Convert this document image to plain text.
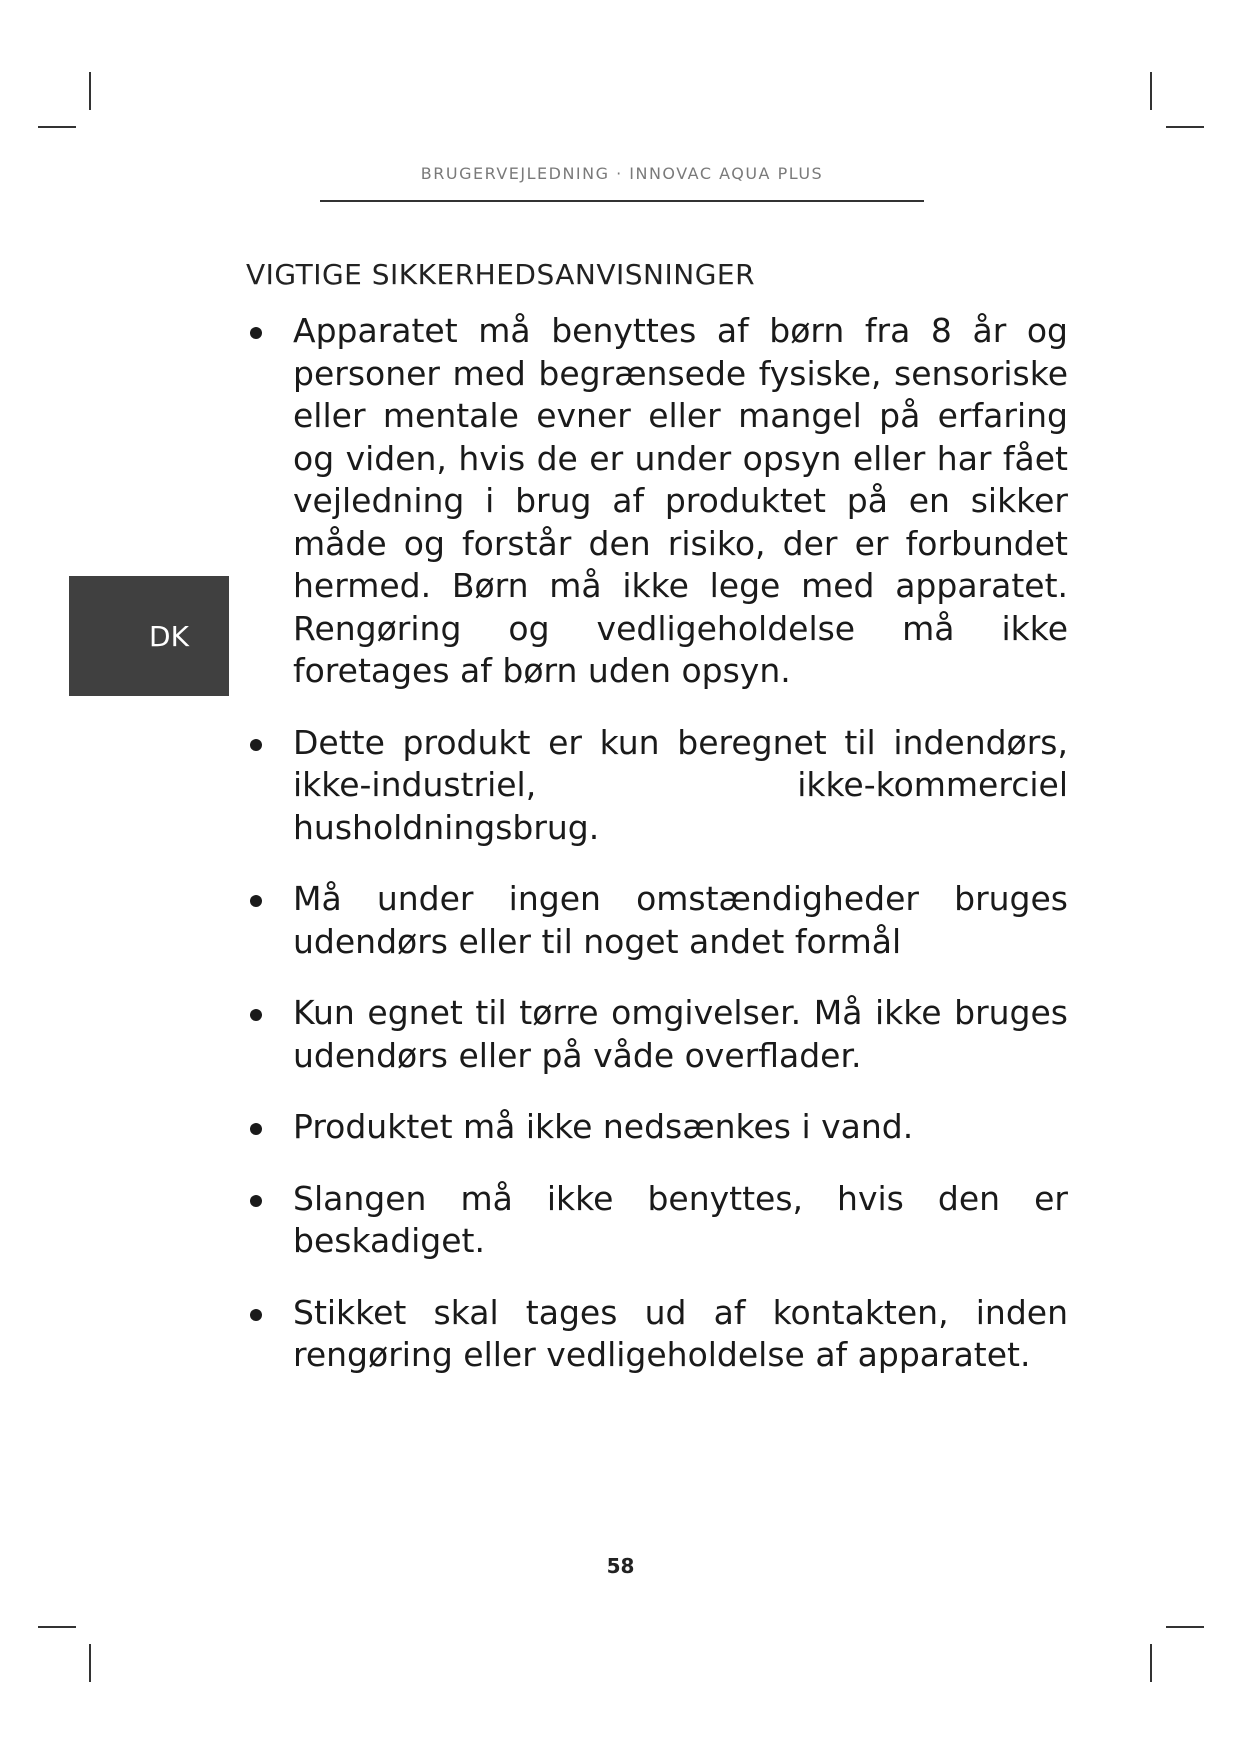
BRUGERVEJLEDNING · INNOVAC AQUA PLUS
DK
VIGTIGE SIKKERHEDSANVISNINGER
Apparatet må benyttes af børn fra 8 år og personer med begrænsede fysiske, sensoriske eller mentale evner eller mangel på erfaring og viden, hvis de er under opsyn eller har fået vejledning i brug af produktet på en sikker måde og forstår den risiko, der er forbundet hermed. Børn må ikke lege med apparatet. Rengøring og vedligeholdelse må ikke foretages af børn uden opsyn.
Dette produkt er kun beregnet til indendørs, ikke-industriel, ikke-kommerciel husholdningsbrug.
Må under ingen omstændigheder bruges udendørs eller til noget andet formål
Kun egnet til tørre omgivelser. Må ikke bruges udendørs eller på våde overflader.
Produktet må ikke nedsænkes i vand.
Slangen må ikke benyttes, hvis den er beskadiget.
Stikket skal tages ud af kontakten, inden rengøring eller vedligeholdelse af apparatet.
58
